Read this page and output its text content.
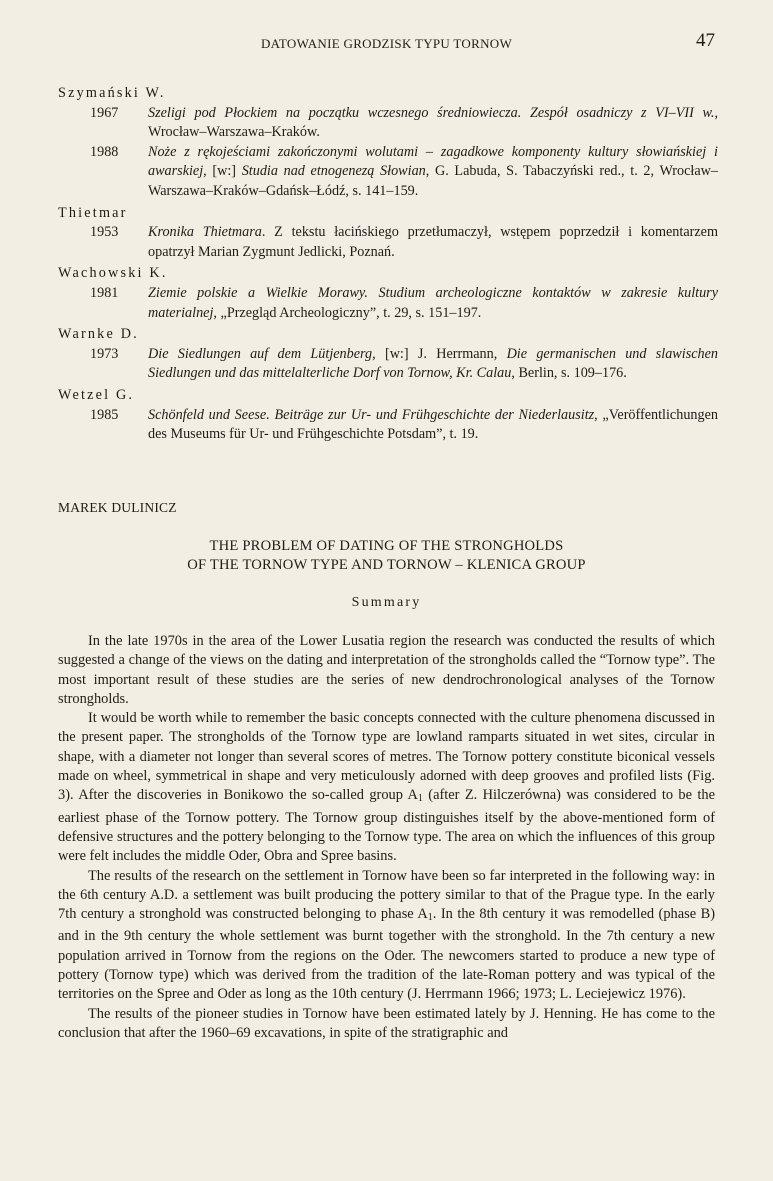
DATOWANIE GRODZISK TYPU TORNOW	47
Szymański W.
1967	Szeligi pod Płockiem na początku wczesnego średniowiecza. Zespół osadniczy z VI–VII w., Wrocław–Warszawa–Kraków.
1988	Noże z rękojeściami zakończonymi wolutami – zagadkowe komponenty kultury słowiańskiej i awarskiej, [w:] Studia nad etnogenezą Słowian, G. Labuda, S. Tabaczyński red., t. 2, Wrocław–Warszawa–Kraków–Gdańsk–Łódź, s. 141–159.
Thietmar
1953	Kronika Thietmara. Z tekstu łacińskiego przetłumaczył, wstępem poprzedził i komentarzem opatrzył Marian Zygmunt Jedlicki, Poznań.
Wachowski K.
1981	Ziemie polskie a Wielkie Morawy. Studium archeologiczne kontaktów w zakresie kultury materialnej, „Przegląd Archeologiczny”, t. 29, s. 151–197.
Warnke D.
1973	Die Siedlungen auf dem Lütjenberg, [w:] J. Herrmann, Die germanischen und slawischen Siedlungen und das mittelalterliche Dorf von Tornow, Kr. Calau, Berlin, s. 109–176.
Wetzel G.
1985	Schönfeld und Seese. Beiträge zur Ur- und Frühgeschichte der Niederlausitz, „Veröffentlichungen des Museums für Ur- und Frühgeschichte Potsdam”, t. 19.
MAREK DULINICZ
THE PROBLEM OF DATING OF THE STRONGHOLDS
OF THE TORNOW TYPE AND TORNOW – KLENICA GROUP
Summary

In the late 1970s in the area of the Lower Lusatia region the research was conducted the results of which suggested a change of the views on the dating and interpretation of the strongholds called the “Tornow type”. The most important result of these studies are the series of new dendrochronological analyses of the Tornow strongholds.

It would be worth while to remember the basic concepts connected with the culture phenomena discussed in the present paper. The strongholds of the Tornow type are lowland ramparts situated in wet sites, circular in shape, with a diameter not longer than several scores of metres. The Tornow pottery constitute biconical vessels made on wheel, symmetrical in shape and very meticulously adorned with deep grooves and profiled lists (Fig. 3). After the discoveries in Bonikowo the so-called group $A_1$ (after Z. Hilczerówna) was considered to be the earliest phase of the Tornow pottery. The Tornow group distinguishes itself by the above-mentioned form of defensive structures and the pottery belonging to the Tornow type. The area on which the influences of this group were felt includes the middle Oder, Obra and Spree basins.

The results of the research on the settlement in Tornow have been so far interpreted in the following way: in the 6th century A.D. a settlement was built producing the pottery similar to that of the Prague type. In the early 7th century a stronghold was constructed belonging to phase $A_1$. In the 8th century it was remodelled (phase B) and in the 9th century the whole settlement was burnt together with the stronghold. In the 7th century a new population arrived in Tornow from the regions on the Oder. The newcomers started to produce a new type of pottery (Tornow type) which was derived from the tradition of the late-Roman pottery and was typical of the territories on the Spree and Oder as long as the 10th century (J. Herrmann 1966; 1973; L. Leciejewicz 1976).

The results of the pioneer studies in Tornow have been estimated lately by J. Henning. He has come to the conclusion that after the 1960–69 excavations, in spite of the stratigraphic and
